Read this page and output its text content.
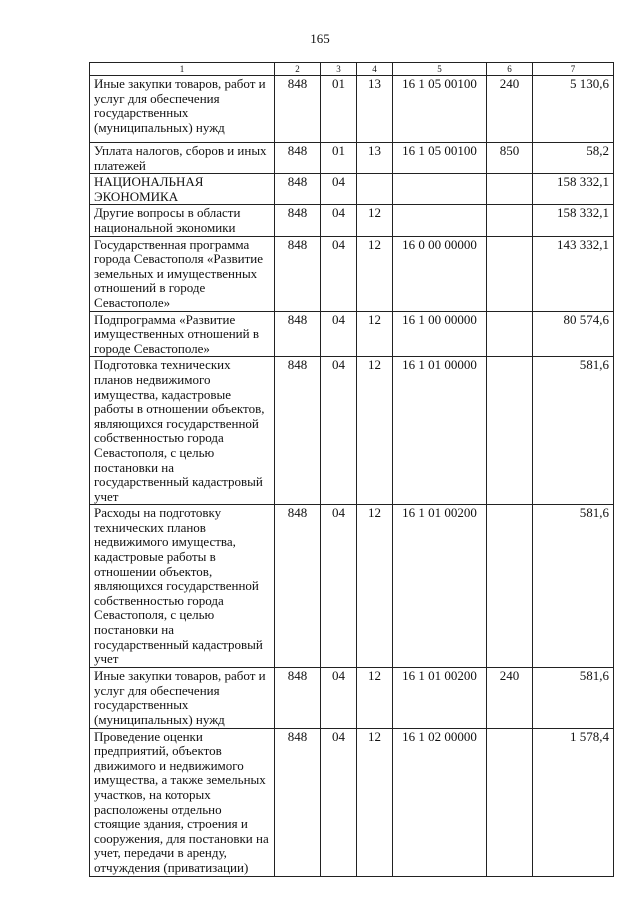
165
1	2	3	4	5	6	7
Иные закупки товаров, работ и услуг для обеспечения государственных (муниципальных) нужд	848	01	13	16 1 05 00100	240	5 130,6
Уплата налогов, сборов и иных платежей	848	01	13	16 1 05 00100	850	58,2
НАЦИОНАЛЬНАЯ ЭКОНОМИКА	848	04				158 332,1
Другие вопросы в области национальной экономики	848	04	12			158 332,1
Государственная программа города Севастополя «Развитие земельных и имущественных отношений в городе Севастополе»	848	04	12	16 0 00 00000		143 332,1
Подпрограмма «Развитие имущественных отношений в городе Севастополе»	848	04	12	16 1 00 00000		80 574,6
Подготовка технических планов недвижимого имущества, кадастровые работы в отношении объектов, являющихся государственной собственностью города Севастополя, с целью постановки на государственный кадастровый учет	848	04	12	16 1 01 00000		581,6
Расходы на подготовку технических планов недвижимого имущества, кадастровые работы в отношении объектов, являющихся государственной собственностью города Севастополя, с целью постановки на государственный кадастровый учет	848	04	12	16 1 01 00200		581,6
Иные закупки товаров, работ и услуг для обеспечения государственных (муниципальных) нужд	848	04	12	16 1 01 00200	240	581,6
Проведение оценки предприятий, объектов движимого и недвижимого имущества, а также земельных участков, на которых расположены отдельно стоящие здания, строения и сооружения, для постановки на учет, передачи в аренду, отчуждения (приватизации)	848	04	12	16 1 02 00000		1 578,4
